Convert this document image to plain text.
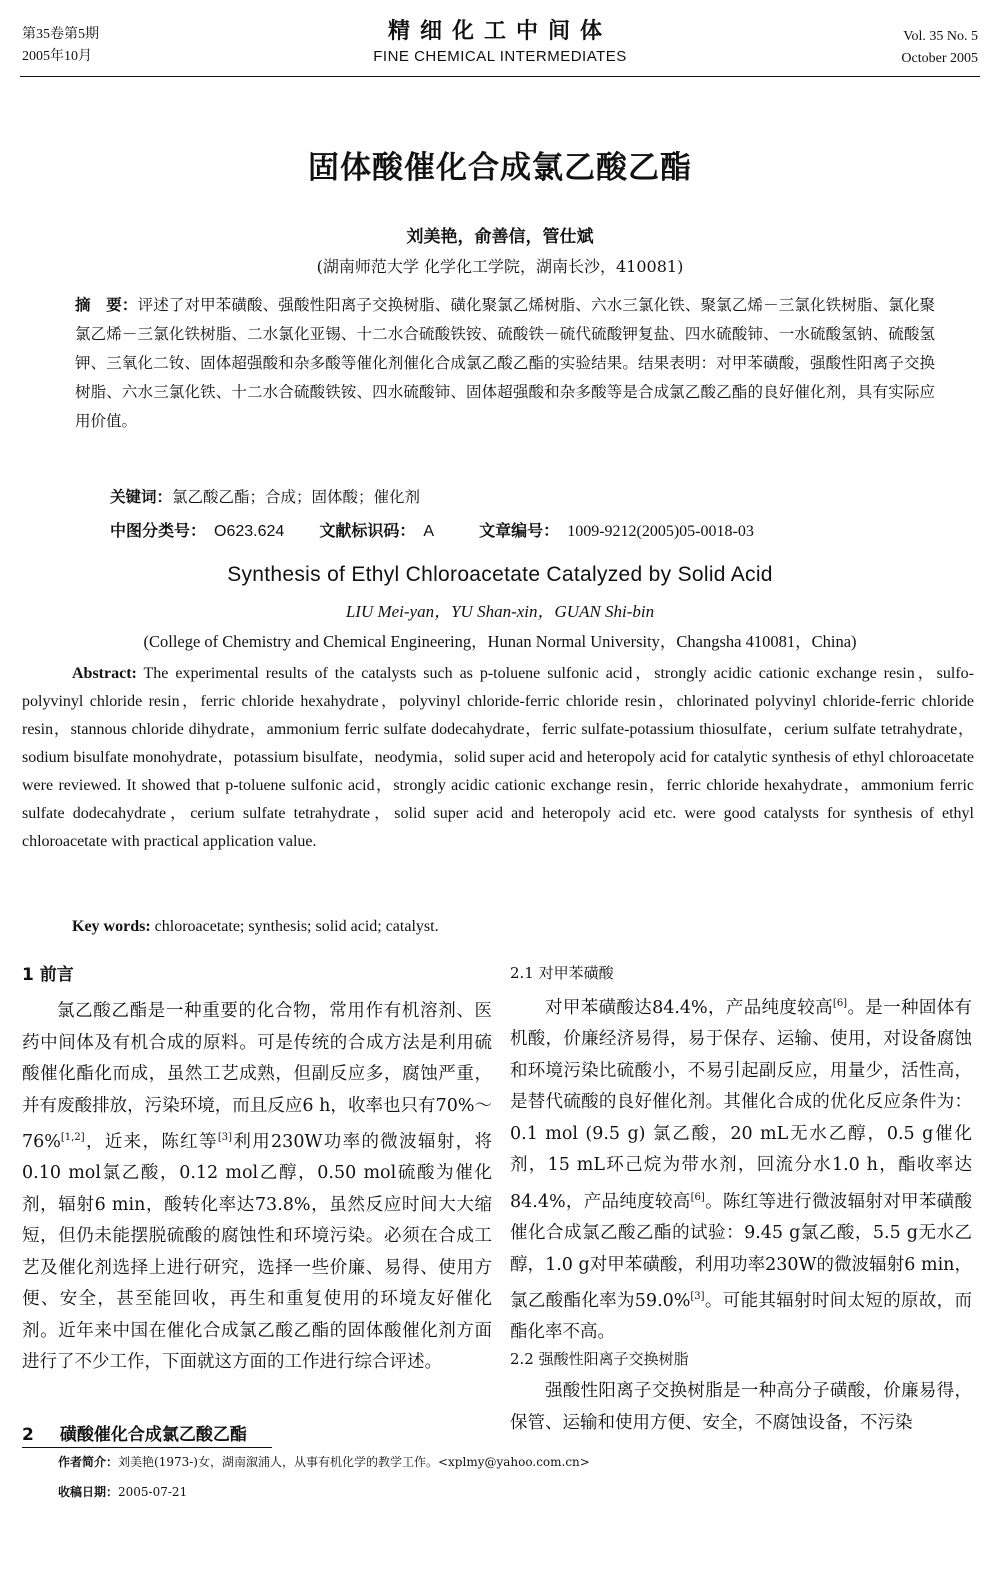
第35卷第5期
2005年10月
精细化工中间体
FINE CHEMICAL INTERMEDIATES
Vol. 35 No. 5
October 2005
固体酸催化合成氯乙酸乙酯
刘美艳，俞善信，管仕斌
(湖南师范大学 化学化工学院，湖南长沙，410081)
摘　要：评述了对甲苯磺酸、强酸性阳离子交换树脂、磺化聚氯乙烯树脂、六水三氯化铁、聚氯乙烯－三氯化铁树脂、氯化聚氯乙烯－三氯化铁树脂、二水氯化亚锡、十二水合硫酸铁铵、硫酸铁－硫代硫酸钾复盐、四水硫酸铈、一水硫酸氢钠、硫酸氢钾、三氧化二钕、固体超强酸和杂多酸等催化剂催化合成氯乙酸乙酯的实验结果。结果表明：对甲苯磺酸，强酸性阳离子交换树脂、六水三氯化铁、十二水合硫酸铁铵、四水硫酸铈、固体超强酸和杂多酸等是合成氯乙酸乙酯的良好催化剂，具有实际应用价值。
关键词：氯乙酸乙酯；合成；固体酸；催化剂
中图分类号： O623.624 文献标识码： A	文章编号： 1009-9212(2005)05-0018-03
Synthesis of Ethyl Chloroacetate Catalyzed by Solid Acid
LIU Mei-yan，YU Shan-xin，GUAN Shi-bin
(College of Chemistry and Chemical Engineering，Hunan Normal University，Changsha 410081，China)
Abstract: The experimental results of the catalysts such as p-toluene sulfonic acid，strongly acidic cationic exchange resin，sulfo-polyvinyl chloride resin，ferric chloride hexahydrate，polyvinyl chloride-ferric chloride resin，chlorinated polyvinyl chloride-ferric chloride resin，stannous chloride dihydrate，ammonium ferric sulfate dodecahydrate，ferric sulfate-potassium thiosulfate，cerium sulfate tetrahydrate，sodium bisulfate monohydrate，potassium bisulfate，neodymia，solid super acid and heteropoly acid for catalytic synthesis of ethyl chloroacetate were reviewed. It showed that p-toluene sulfonic acid，strongly acidic cationic exchange resin，ferric chloride hexahydrate，ammonium ferric sulfate dodecahydrate，cerium sulfate tetrahydrate，solid super acid and heteropoly acid etc. were good catalysts for synthesis of ethyl chloroacetate with practical application value.
Key words: chloroacetate; synthesis; solid acid; catalyst.
1 前言

氯乙酸乙酯是一种重要的化合物，常用作有机溶剂、医药中间体及有机合成的原料。可是传统的合成方法是利用硫酸催化酯化而成，虽然工艺成熟，但副反应多，腐蚀严重，并有废酸排放，污染环境，而且反应6 h，收率也只有70%～76%[1,2]，近来，陈红等[3]利用230W功率的微波辐射，将0.10 mol氯乙酸，0.12 mol乙醇，0.50 mol硫酸为催化剂，辐射6 min，酸转化率达73.8%，虽然反应时间大大缩短，但仍未能摆脱硫酸的腐蚀性和环境污染。必须在合成工艺及催化剂选择上进行研究，选择一些价廉、易得、使用方便、安全，甚至能回收，再生和重复使用的环境友好催化剂。近年来中国在催化合成氯乙酸乙酯的固体酸催化剂方面进行了不少工作，下面就这方面的工作进行综合评述。

2 磺酸催化合成氯乙酸乙酯
2.1 对甲苯磺酸

对甲苯磺酸达84.4%，产品纯度较高[6]。是一种固体有机酸，价廉经济易得，易于保存、运输、使用，对设备腐蚀和环境污染比硫酸小，不易引起副反应，用量少，活性高，是替代硫酸的良好催化剂。其催化合成的优化反应条件为：0.1 mol (9.5 g) 氯乙酸，20 mL无水乙醇，0.5 g催化剂，15 mL环己烷为带水剂，回流分水1.0 h，酯收率达84.4%，产品纯度较高[6]。陈红等进行微波辐射对甲苯磺酸催化合成氯乙酸乙酯的试验：9.45 g氯乙酸，5.5 g无水乙醇，1.0 g对甲苯磺酸，利用功率230W的微波辐射6 min，氯乙酸酯化率为59.0%[3]。可能其辐射时间太短的原故，而酯化率不高。

2.2 强酸性阳离子交换树脂

强酸性阳离子交换树脂是一种高分子磺酸，价廉易得，保管、运输和使用方便、安全，不腐蚀设备，不污染

作者简介：刘美艳(1973-)女，湖南溆浦人，从事有机化学的教学工作。<xplmy@yahoo.com.cn>
收稿日期：2005-07-21
